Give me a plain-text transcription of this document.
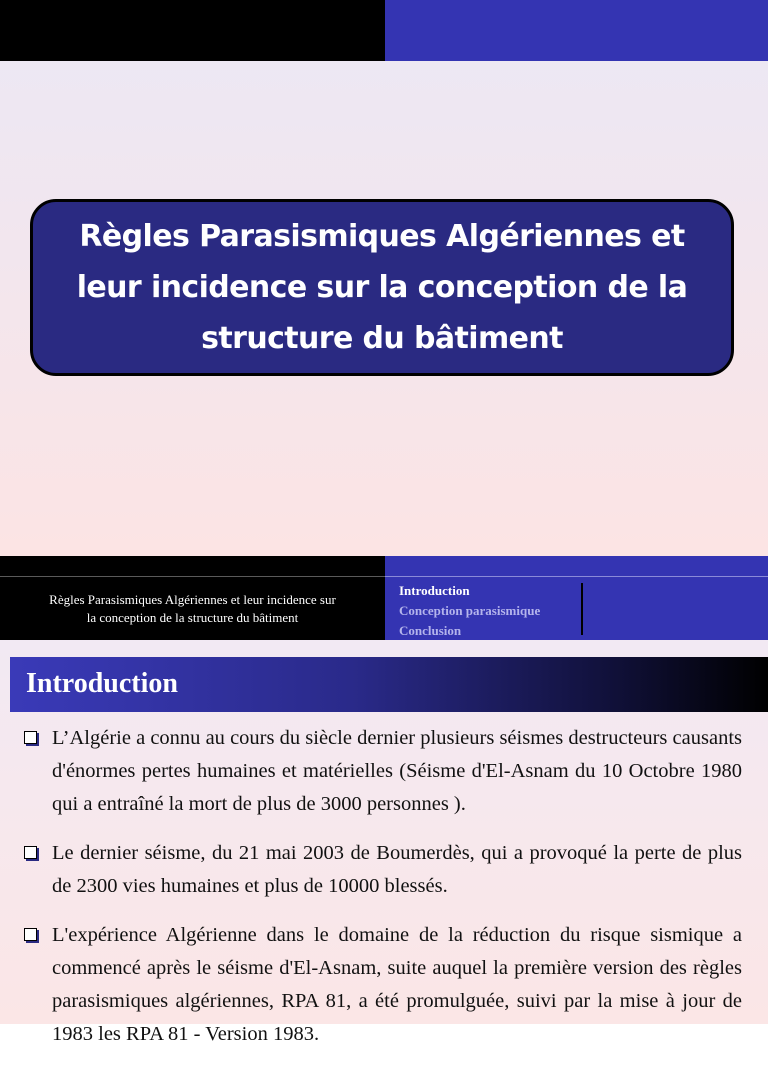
Règles Parasismiques Algériennes et
leur incidence sur la conception de la
structure du bâtiment

Règles Parasismiques Algériennes et leur incidence sur
la conception de la structure du bâtiment

Introduction
Conception parasismique
Conclusion
Introduction
L’Algérie a connu au cours du siècle dernier plusieurs séismes destructeurs causants d'énormes pertes humaines et matérielles (Séisme d'El-Asnam du 10 Octobre 1980 qui a entraîné la mort de plus de 3000 personnes ).
Le dernier séisme, du 21 mai 2003 de Boumerdès, qui a provoqué la perte de plus de 2300 vies humaines et plus de 10000 blessés.
L'expérience Algérienne dans le domaine de la réduction du risque sismique a commencé après le séisme d'El-Asnam, suite auquel la première version des règles parasismiques algériennes, RPA 81, a été promulguée, suivi par la mise à jour de 1983 les RPA 81 - Version 1983.
